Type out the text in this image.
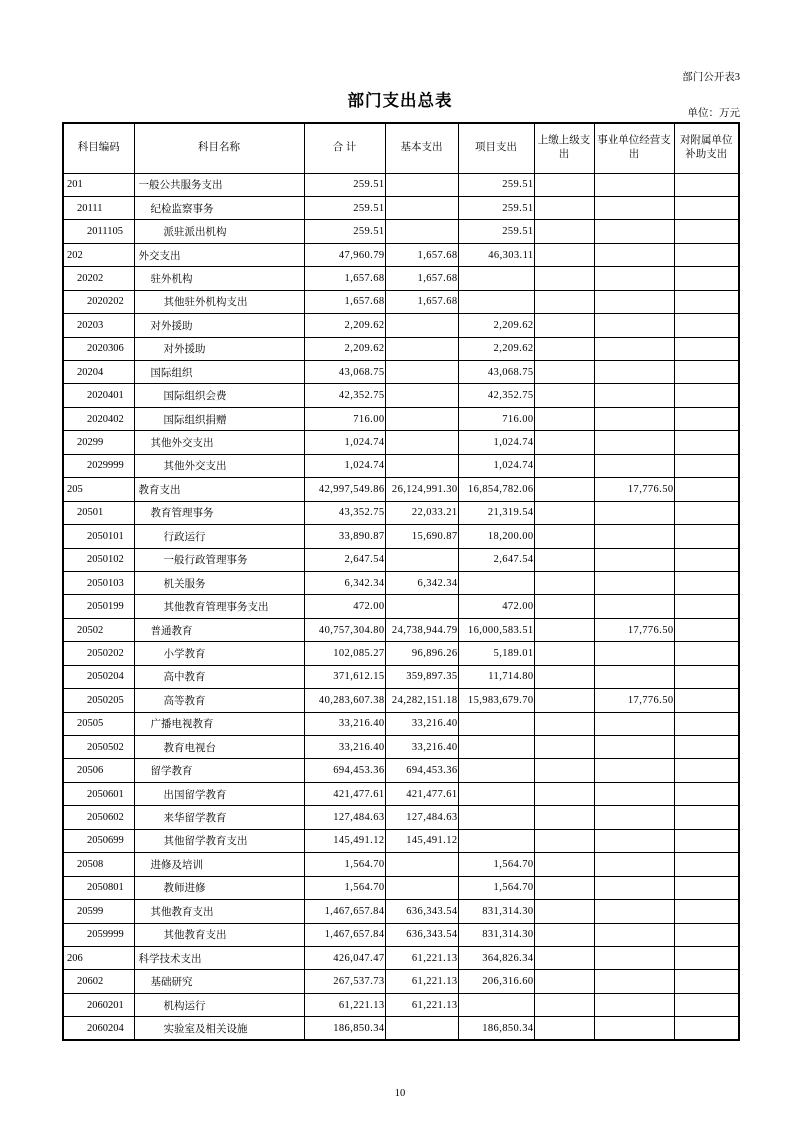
部门公开表3
部门支出总表
单位：万元
科目编码	科目名称	合 计	基本支出	项目支出	上缴上级支出	事业单位经营支出	对附属单位补助支出
201	一般公共服务支出	259.51		259.51			
20111	纪检监察事务	259.51		259.51			
2011105	派驻派出机构	259.51		259.51			
202	外交支出	47,960.79	1,657.68	46,303.11			
20202	驻外机构	1,657.68	1,657.68				
2020202	其他驻外机构支出	1,657.68	1,657.68				
20203	对外援助	2,209.62		2,209.62			
2020306	对外援助	2,209.62		2,209.62			
20204	国际组织	43,068.75		43,068.75			
2020401	国际组织会费	42,352.75		42,352.75			
2020402	国际组织捐赠	716.00		716.00			
20299	其他外交支出	1,024.74		1,024.74			
2029999	其他外交支出	1,024.74		1,024.74			
205	教育支出	42,997,549.86	26,124,991.30	16,854,782.06		17,776.50	
20501	教育管理事务	43,352.75	22,033.21	21,319.54			
2050101	行政运行	33,890.87	15,690.87	18,200.00			
2050102	一般行政管理事务	2,647.54		2,647.54			
2050103	机关服务	6,342.34	6,342.34				
2050199	其他教育管理事务支出	472.00		472.00			
20502	普通教育	40,757,304.80	24,738,944.79	16,000,583.51		17,776.50	
2050202	小学教育	102,085.27	96,896.26	5,189.01			
2050204	高中教育	371,612.15	359,897.35	11,714.80			
2050205	高等教育	40,283,607.38	24,282,151.18	15,983,679.70		17,776.50	
20505	广播电视教育	33,216.40	33,216.40				
2050502	教育电视台	33,216.40	33,216.40				
20506	留学教育	694,453.36	694,453.36				
2050601	出国留学教育	421,477.61	421,477.61				
2050602	来华留学教育	127,484.63	127,484.63				
2050699	其他留学教育支出	145,491.12	145,491.12				
20508	进修及培训	1,564.70		1,564.70			
2050801	教师进修	1,564.70		1,564.70			
20599	其他教育支出	1,467,657.84	636,343.54	831,314.30			
2059999	其他教育支出	1,467,657.84	636,343.54	831,314.30			
206	科学技术支出	426,047.47	61,221.13	364,826.34			
20602	基础研究	267,537.73	61,221.13	206,316.60			
2060201	机构运行	61,221.13	61,221.13				
2060204	实验室及相关设施	186,850.34		186,850.34			
10
